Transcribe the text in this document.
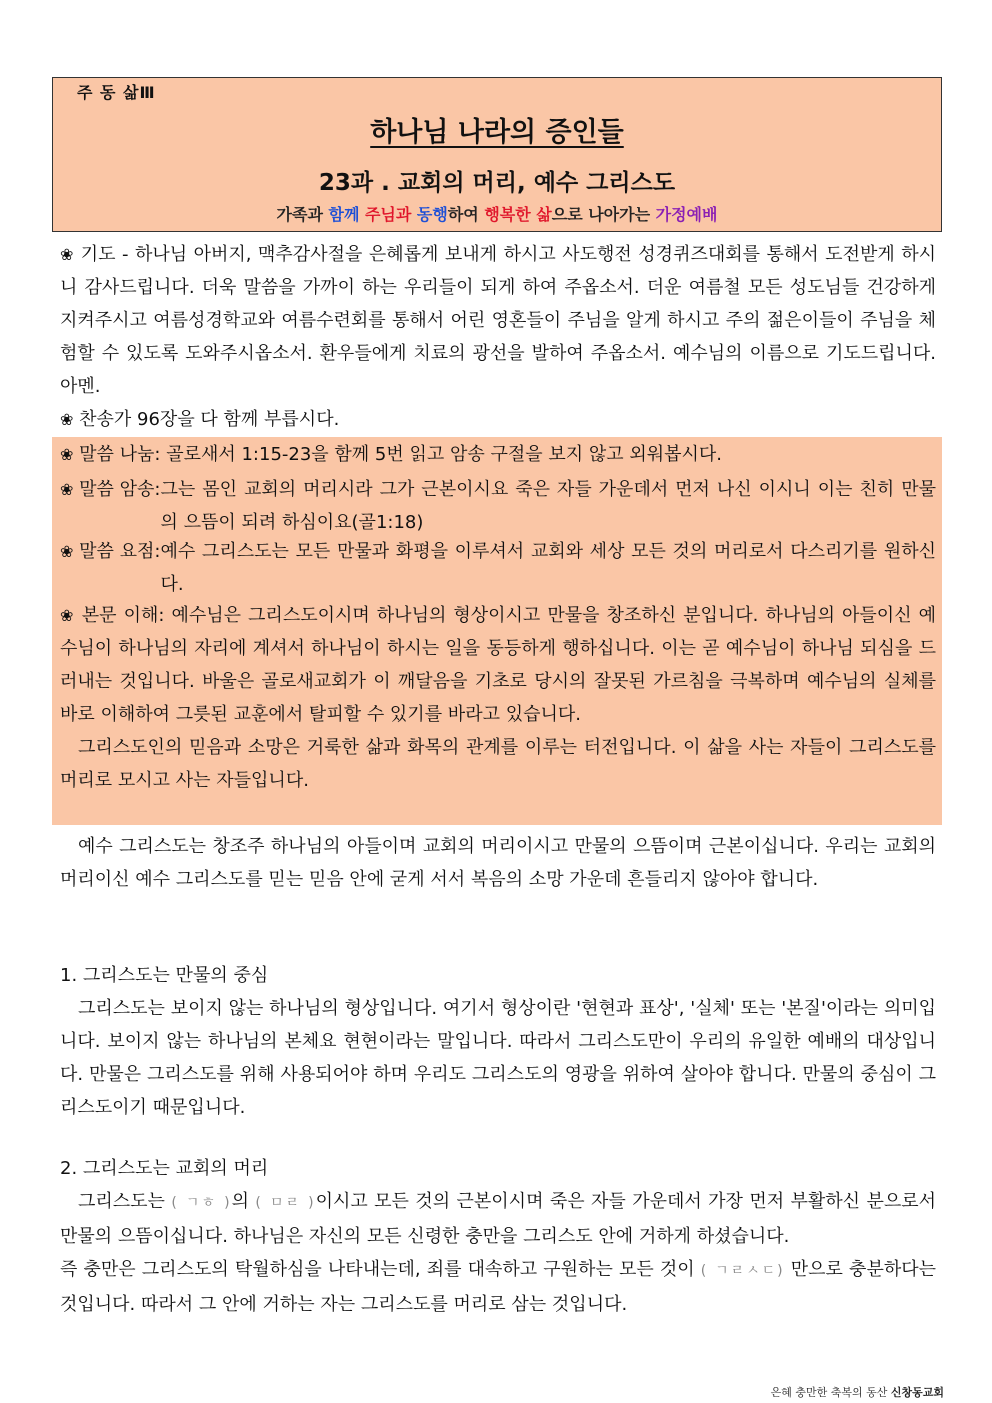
주 동 삶Ⅲ
하나님 나라의 증인들
23과 . 교회의 머리, 예수 그리스도
가족과 함께 주님과 동행하여 행복한 삶으로 나아가는 가정예배

❀ 기도 - 하나님 아버지, 맥추감사절을 은혜롭게 보내게 하시고 사도행전 성경퀴즈대회를 통해서 도전받게 하시니 감사드립니다. 더욱 말씀을 가까이 하는 우리들이 되게 하여 주옵소서. 더운 여름철 모든 성도님들 건강하게 지켜주시고 여름성경학교와 여름수련회를 통해서 어린 영혼들이 주님을 알게 하시고 주의 젊은이들이 주님을 체험할 수 있도록 도와주시옵소서. 환우들에게 치료의 광선을 발하여 주옵소서. 예수님의 이름으로 기도드립니다. 아멘.

❀ 찬송가 96장을 다 함께 부릅시다.

❀ 말씀 나눔: 골로새서 1:15-23을 함께 5번 읽고 암송 구절을 보지 않고 외워봅시다.

❀ 말씀 암송: 그는 몸인 교회의 머리시라 그가 근본이시요 죽은 자들 가운데서 먼저 나신 이시니 이는 친히 만물의 으뜸이 되려 하심이요(골1:18)
❀ 말씀 요점: 예수 그리스도는 모든 만물과 화평을 이루셔서 교회와 세상 모든 것의 머리로서 다스리기를 원하신다.

❀ 본문 이해: 예수님은 그리스도이시며 하나님의 형상이시고 만물을 창조하신 분입니다. 하나님의 아들이신 예수님이 하나님의 자리에 계셔서 하나님이 하시는 일을 동등하게 행하십니다. 이는 곧 예수님이 하나님 되심을 드러내는 것입니다. 바울은 골로새교회가 이 깨달음을 기초로 당시의 잘못된 가르침을 극복하며 예수님의 실체를 바로 이해하여 그릇된 교훈에서 탈피할 수 있기를 바라고 있습니다.

그리스도인의 믿음과 소망은 거룩한 삶과 화목의 관계를 이루는 터전입니다. 이 삶을 사는 자들이 그리스도를 머리로 모시고 사는 자들입니다.

예수 그리스도는 창조주 하나님의 아들이며 교회의 머리이시고 만물의 으뜸이며 근본이십니다. 우리는 교회의 머리이신 예수 그리스도를 믿는 믿음 안에 굳게 서서 복음의 소망 가운데 흔들리지 않아야 합니다.

1. 그리스도는 만물의 중심

그리스도는 보이지 않는 하나님의 형상입니다. 여기서 형상이란 '현현과 표상', '실체' 또는 '본질'이라는 의미입니다. 보이지 않는 하나님의 본체요 현현이라는 말입니다. 따라서 그리스도만이 우리의 유일한 예배의 대상입니다. 만물은 그리스도를 위해 사용되어야 하며 우리도 그리스도의 영광을 위하여 살아야 합니다. 만물의 중심이 그리스도이기 때문입니다.

2. 그리스도는 교회의 머리

그리스도는 ( ㄱㅎ )의 ( ㅁㄹ )이시고 모든 것의 근본이시며 죽은 자들 가운데서 가장 먼저 부활하신 분으로서 만물의 으뜸이십니다. 하나님은 자신의 모든 신령한 충만을 그리스도 안에 거하게 하셨습니다.

즉 충만은 그리스도의 탁월하심을 나타내는데, 죄를 대속하고 구원하는 모든 것이 ( ㄱㄹㅅㄷ) 만으로 충분하다는 것입니다. 따라서 그 안에 거하는 자는 그리스도를 머리로 삼는 것입니다.

은혜 충만한 축복의 동산 신창동교회
